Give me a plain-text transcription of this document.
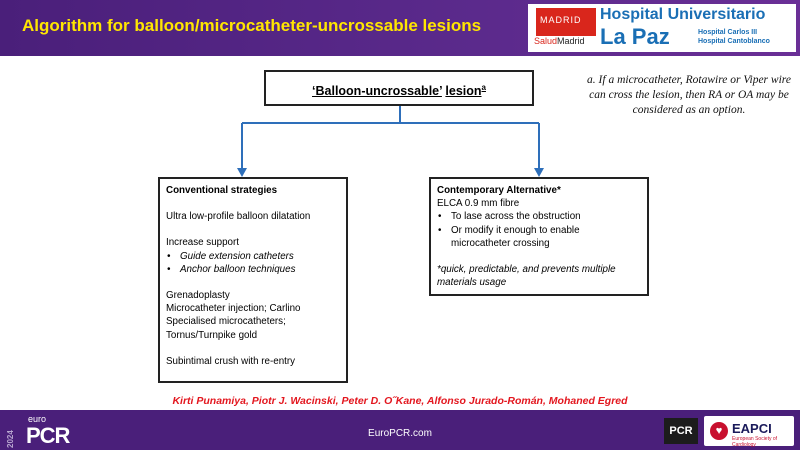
Algorithm for balloon/microcatheter-uncrossable lesions	MADRID
SaludMadrid
Hospital Universitario
La Paz	Hospital Carlos III
Hospital Cantoblanco
‘Balloon-uncrossable’ lesion$^a$
a. If a microcatheter, Rotawire or Viper wire can cross the lesion, then RA or OA may be considered as an option.
Conventional strategies
Ultra low-profile balloon dilatation
Increase support
• Guide extension catheters
• Anchor balloon techniques
Grenadoplasty
Microcatheter injection; Carlino
Specialised microcatheters;
Tornus/Turnpike gold
Subintimal crush with re-entry
Contemporary Alternative*
ELCA 0.9 mm fibre
• To lase across the obstruction
• Or modify it enough to enable microcatheter crossing
*quick, predictable, and prevents multiple materials usage
Kirti Punamiya, Piotr J. Wacinski, Peter D. O˝Kane, Alfonso Jurado-Román, Mohaned Egred
2024
euro
PCR	EuroPCR.com	PCR	♥ EAPCI
European Society of Cardiology
